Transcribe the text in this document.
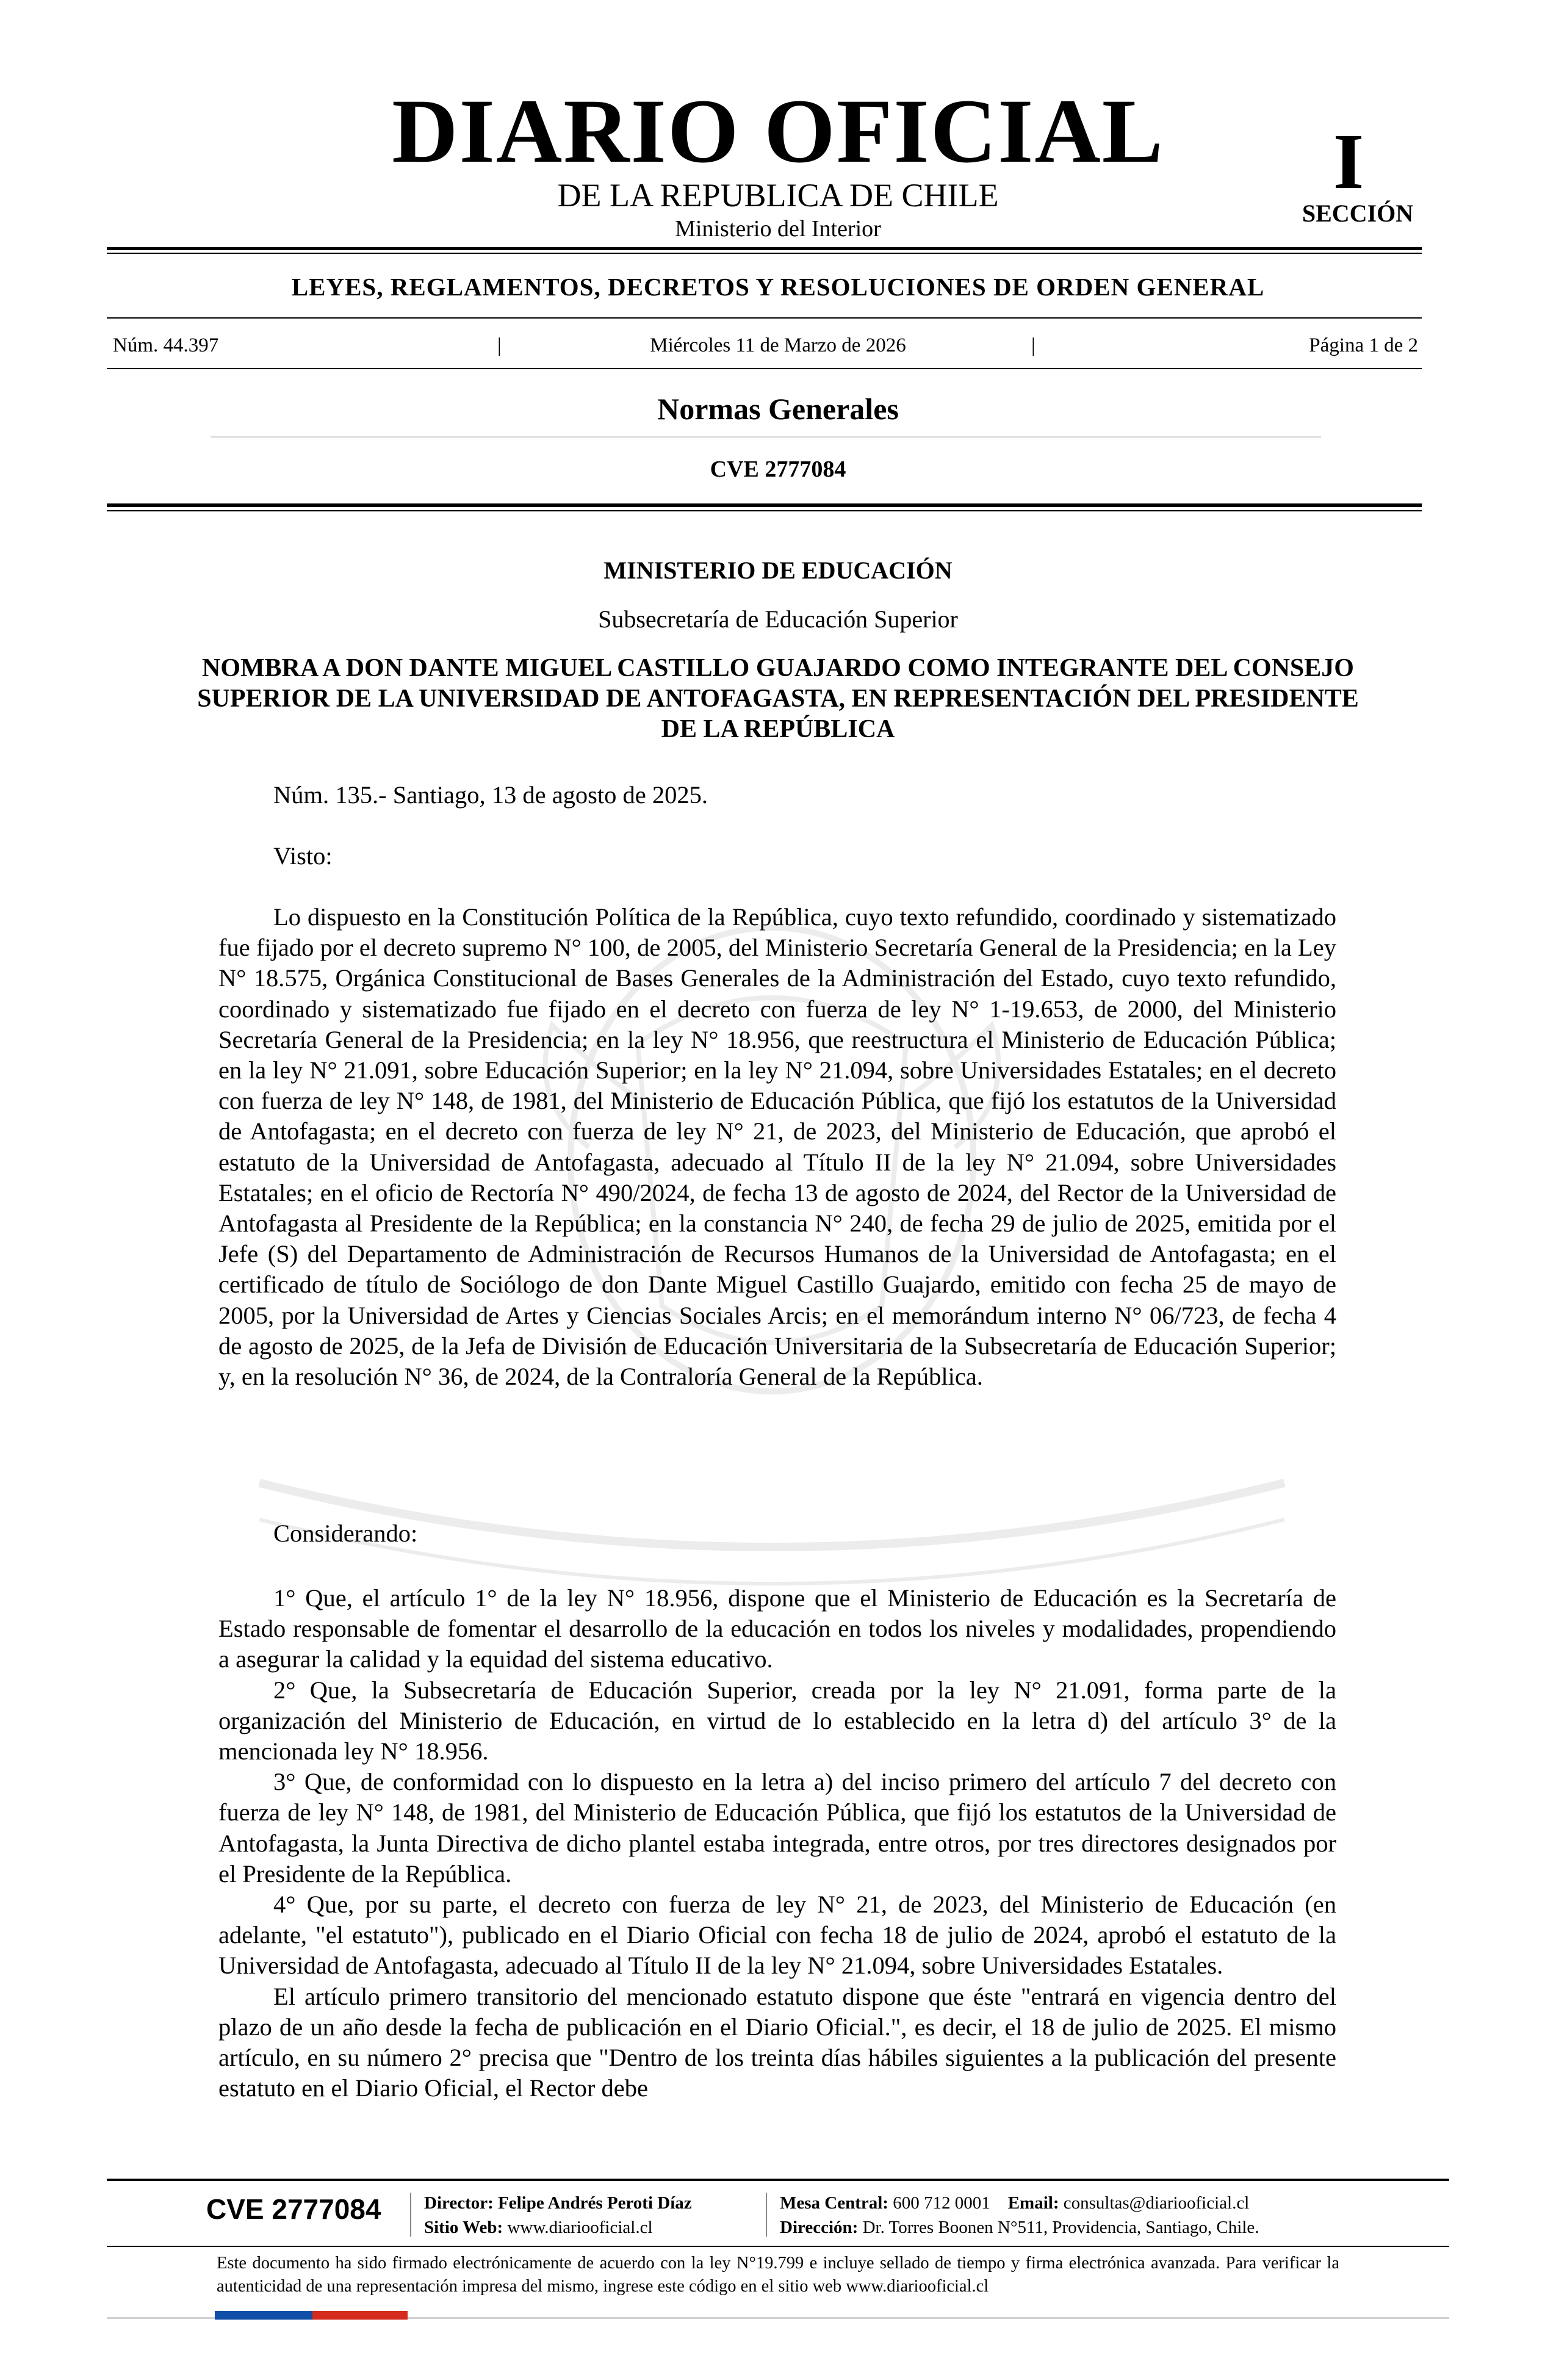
DIARIO OFICIAL
DE LA REPUBLICA DE CHILE
Ministerio del Interior
I
SECCIÓN
LEYES, REGLAMENTOS, DECRETOS Y RESOLUCIONES DE ORDEN GENERAL
Núm. 44.397	|	Miércoles 11 de Marzo de 2026	|	Página 1 de 2
Normas Generales
CVE 2777084
MINISTERIO DE EDUCACIÓN
Subsecretaría de Educación Superior
NOMBRA A DON DANTE MIGUEL CASTILLO GUAJARDO COMO INTEGRANTE DEL CONSEJO SUPERIOR DE LA UNIVERSIDAD DE ANTOFAGASTA, EN REPRESENTACIÓN DEL PRESIDENTE DE LA REPÚBLICA
Núm. 135.- Santiago, 13 de agosto de 2025.
Visto:

Lo dispuesto en la Constitución Política de la República, cuyo texto refundido, coordinado y sistematizado fue fijado por el decreto supremo N° 100, de 2005, del Ministerio Secretaría General de la Presidencia; en la Ley N° 18.575, Orgánica Constitucional de Bases Generales de la Administración del Estado, cuyo texto refundido, coordinado y sistematizado fue fijado en el decreto con fuerza de ley N° 1-19.653, de 2000, del Ministerio Secretaría General de la Presidencia; en la ley N° 18.956, que reestructura el Ministerio de Educación Pública; en la ley N° 21.091, sobre Educación Superior; en la ley N° 21.094, sobre Universidades Estatales; en el decreto con fuerza de ley N° 148, de 1981, del Ministerio de Educación Pública, que fijó los estatutos de la Universidad de Antofagasta; en el decreto con fuerza de ley N° 21, de 2023, del Ministerio de Educación, que aprobó el estatuto de la Universidad de Antofagasta, adecuado al Título II de la ley N° 21.094, sobre Universidades Estatales; en el oficio de Rectoría N° 490/2024, de fecha 13 de agosto de 2024, del Rector de la Universidad de Antofagasta al Presidente de la República; en la constancia N° 240, de fecha 29 de julio de 2025, emitida por el Jefe (S) del Departamento de Administración de Recursos Humanos de la Universidad de Antofagasta; en el certificado de título de Sociólogo de don Dante Miguel Castillo Guajardo, emitido con fecha 25 de mayo de 2005, por la Universidad de Artes y Ciencias Sociales Arcis; en el memorándum interno N° 06/723, de fecha 4 de agosto de 2025, de la Jefa de División de Educación Universitaria de la Subsecretaría de Educación Superior; y, en la resolución N° 36, de 2024, de la Contraloría General de la República.

Considerando:

1° Que, el artículo 1° de la ley N° 18.956, dispone que el Ministerio de Educación es la Secretaría de Estado responsable de fomentar el desarrollo de la educación en todos los niveles y modalidades, propendiendo a asegurar la calidad y la equidad del sistema educativo.

2° Que, la Subsecretaría de Educación Superior, creada por la ley N° 21.091, forma parte de la organización del Ministerio de Educación, en virtud de lo establecido en la letra d) del artículo 3° de la mencionada ley N° 18.956.

3° Que, de conformidad con lo dispuesto en la letra a) del inciso primero del artículo 7 del decreto con fuerza de ley N° 148, de 1981, del Ministerio de Educación Pública, que fijó los estatutos de la Universidad de Antofagasta, la Junta Directiva de dicho plantel estaba integrada, entre otros, por tres directores designados por el Presidente de la República.

4° Que, por su parte, el decreto con fuerza de ley N° 21, de 2023, del Ministerio de Educación (en adelante, "el estatuto"), publicado en el Diario Oficial con fecha 18 de julio de 2024, aprobó el estatuto de la Universidad de Antofagasta, adecuado al Título II de la ley N° 21.094, sobre Universidades Estatales.

El artículo primero transitorio del mencionado estatuto dispone que éste "entrará en vigencia dentro del plazo de un año desde la fecha de publicación en el Diario Oficial.", es decir, el 18 de julio de 2025. El mismo artículo, en su número 2° precisa que "Dentro de los treinta días hábiles siguientes a la publicación del presente estatuto en el Diario Oficial, el Rector debe

CVE 2777084 Director: Felipe Andrés Peroti Díaz
Sitio Web: www.diariooficial.cl
Mesa Central: 600 712 0001 Email: consultas@diariooficial.cl
Dirección: Dr. Torres Boonen N°511, Providencia, Santiago, Chile.
Este documento ha sido firmado electrónicamente de acuerdo con la ley N°19.799 e incluye sellado de tiempo y firma electrónica avanzada. Para verificar la autenticidad de una representación impresa del mismo, ingrese este código en el sitio web www.diariooficial.cl
